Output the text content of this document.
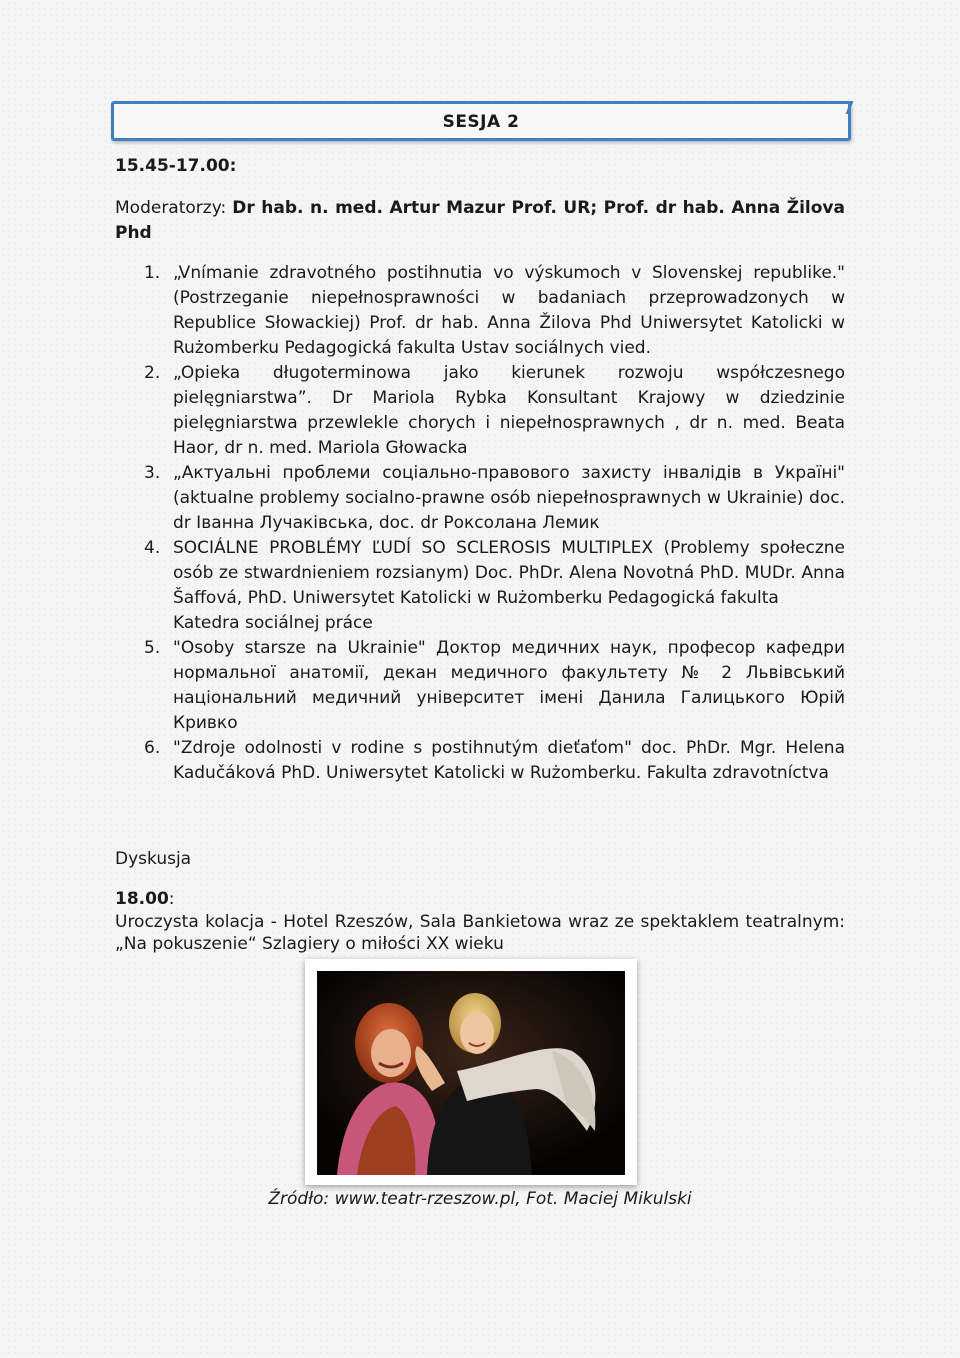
SESJA 2
15.45-17.00:
Moderatorzy: Dr hab. n. med. Artur Mazur Prof. UR; Prof. dr hab. Anna Žilova Phd
1. „Vnímanie zdravotného postihnutia vo výskumoch v Slovenskej republike." (Postrzeganie niepełnosprawności w badaniach przeprowadzonych w Republice Słowackiej) Prof. dr hab. Anna Žilova Phd Uniwersytet Katolicki w Rużomberku Pedagogická fakulta Ustav sociálnych vied.
2. „Opieka długoterminowa jako kierunek rozwoju współczesnego pielęgniarstwa”. Dr Mariola Rybka Konsultant Krajowy w dziedzinie pielęgniarstwa przewlekle chorych i niepełnosprawnych , dr n. med. Beata Haor, dr n. med. Mariola Głowacka
3. „Актуальні проблеми соціально-правового захисту інвалідів в Україні" (aktualne problemy socialno-prawne osób niepełnosprawnych w Ukrainie) doc. dr Іванна Лучаківська, doc. dr Роксолана Лемик
4. SOCIÁLNE PROBLÉMY ĽUDÍ SO SCLEROSIS MULTIPLEX (Problemy społeczne osób ze stwardnieniem rozsianym) Doc. PhDr. Alena Novotná PhD. MUDr. Anna Šaffová, PhD. Uniwersytet Katolicki w Rużomberku Pedagogická fakulta
Katedra sociálnej práce
5. "Osoby starsze na Ukrainie" Доктор медичних наук, професор кафедри нормальної анатомії, декан медичного факультету № 2 Львівський національний медичний університет імені Данила Галицького Юрій Кривко
6. "Zdroje odolnosti v rodine s postihnutým dieťaťom" doc. PhDr. Mgr. Helena Kadučáková PhD. Uniwersytet Katolicki w Rużomberku. Fakulta zdravotníctva
Dyskusja
18.00:
Uroczysta kolacja - Hotel Rzeszów, Sala Bankietowa wraz ze spektaklem teatralnym: „Na pokuszenie“ Szlagiery o miłości XX wieku
Źródło: www.teatr-rzeszow.pl, Fot. Maciej Mikulski
